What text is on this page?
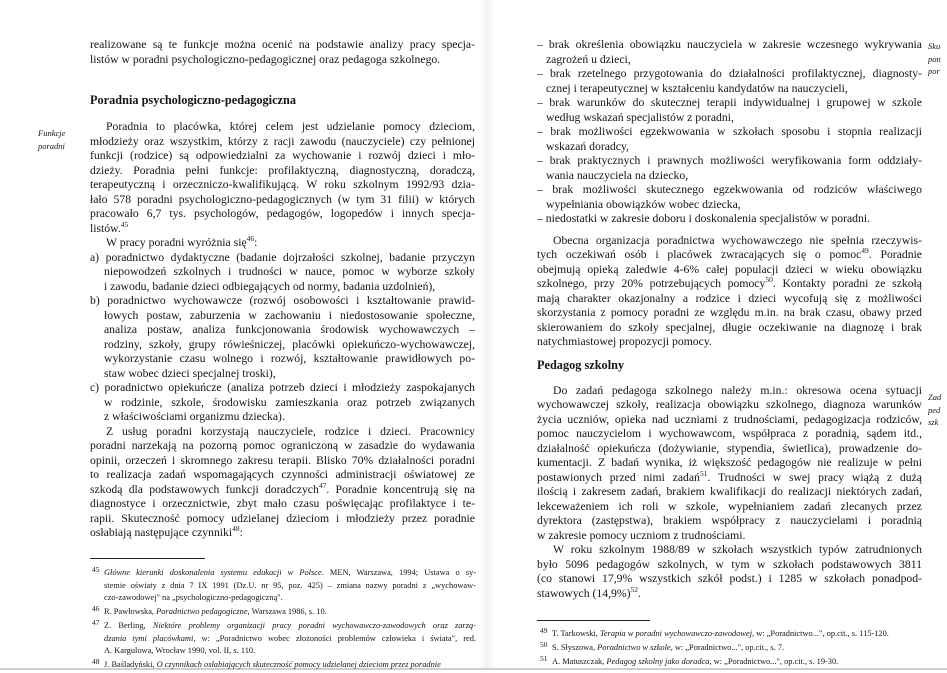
Funkcje
poradni
Sku
pon
por
Zad
ped
szk
realizowane są te funkcje można ocenić na podstawie analizy pracy specja-
listów w poradni psychologiczno-pedagogicznej oraz pedagoga szkolnego.
Poradnia psychologiczno-pedagogiczna
Poradnia to placówka, której celem jest udzielanie pomocy dzieciom,
młodzieży oraz wszystkim, którzy z racji zawodu (nauczyciele) czy pełnionej
funkcji (rodzice) są odpowiedzialni za wychowanie i rozwój dzieci i mło-
dzieży. Poradnia pełni funkcje: profilaktyczną, diagnostyczną, doradczą,
terapeutyczną i orzeczniczo-kwalifikującą. W roku szkolnym 1992/93 dzia-
łało 578 poradni psychologiczno-pedagogicznych (w tym 31 filii) w których
pracowało 6,7 tys. psychologów, pedagogów, logopedów i innych specja-
listów.$^{45}$
W pracy poradni wyróżnia się$^{46}$:
a) poradnictwo dydaktyczne (badanie dojrzałości szkolnej, badanie przyczyn
niepowodzeń szkolnych i trudności w nauce, pomoc w wyborze szkoły
i zawodu, badanie dzieci odbiegających od normy, badania uzdolnień),
b) poradnictwo wychowawcze (rozwój osobowości i kształtowanie prawid-
łowych postaw, zaburzenia w zachowaniu i niedostosowanie społeczne,
analiza postaw, analiza funkcjonowania środowisk wychowawczych –
rodziny, szkoły, grupy rówieśniczej, placówki opiekuńczo-wychowawczej,
wykorzystanie czasu wolnego i rozwój, kształtowanie prawidłowych po-
staw wobec dzieci specjalnej troski),
c) poradnictwo opiekuńcze (analiza potrzeb dzieci i młodzieży zaspokajanych
w rodzinie, szkole, środowisku zamieszkania oraz potrzeb związanych
z właściwościami organizmu dziecka).
Z usług poradni korzystają nauczyciele, rodzice i dzieci. Pracownicy
poradni narzekają na pozorną pomoc ograniczoną w zasadzie do wydawania
opinii, orzeczeń i skromnego zakresu terapii. Blisko 70% działalności poradni
to realizacja zadań wspomagających czynności administracji oświatowej ze
szkodą dla podstawowych funkcji doradczych$^{47}$. Poradnie koncentrują się na
diagnostyce i orzecznictwie, zbyt mało czasu poświęcając profilaktyce i te-
rapii. Skuteczność pomocy udzielanej dzieciom i młodzieży przez poradnie
osłabiają następujące czynniki$^{48}$:
45 Główne kierunki doskonalenia systemu edukacji w Polsce. MEN, Warszawa, 1994; Ustawa o sy-
stemie oświaty z dnia 7 IX 1991 (Dz.U. nr 95, poz. 425) – zmiana nazwy poradni z „wychowaw-
czo-zawodowej" na „psychologiczno-pedagogiczną".
46 R. Pawłowska, Poradnictwo pedagogiczne, Warszawa 1986, s. 10.
47 Z. Berling, Niektóre problemy organizacji pracy poradni wychowawczo-zawodowych oraz zarzą-
dzania tymi placówkami, w: „Poradnictwo wobec złożoności problemów człowieka i świata", red.
A. Kargulowa, Wrocław 1990, vol. II, s. 110.
48 J. Baśladyński, O czynnikach osłabiających skuteczność pomocy udzielanej dzieciom przez poradnie
– brak określenia obowiązku nauczyciela w zakresie wczesnego wykrywania
zagrożeń u dzieci,
– brak rzetelnego przygotowania do działalności profilaktycznej, diagnosty-
cznej i terapeutycznej w kształceniu kandydatów na nauczycieli,
– brak warunków do skutecznej terapii indywidualnej i grupowej w szkole
według wskazań specjalistów z poradni,
– brak możliwości egzekwowania w szkołach sposobu i stopnia realizacji
wskazań doradcy,
– brak praktycznych i prawnych możliwości weryfikowania form oddziały-
wania nauczyciela na dziecko,
– brak możliwości skutecznego egzekwowania od rodziców właściwego
wypełniania obowiązków wobec dziecka,
– niedostatki w zakresie doboru i doskonalenia specjalistów w poradni.
Obecna organizacja poradnictwa wychowawczego nie spełnia rzeczywis-
tych oczekiwań osób i placówek zwracających się o pomoc$^{49}$. Poradnie
obejmują opieką zaledwie 4-6% całej populacji dzieci w wieku obowiązku
szkolnego, przy 20% potrzebujących pomocy$^{50}$. Kontakty poradni ze szkołą
mają charakter okazjonalny a rodzice i dzieci wycofują się z możliwości
skorzystania z pomocy poradni ze względu m.in. na brak czasu, obawy przed
skierowaniem do szkoły specjalnej, długie oczekiwanie na diagnozę i brak
natychmiastowej propozycji pomocy.
Pedagog szkolny
Do zadań pedagoga szkolnego należy m.in.: okresowa ocena sytuacji
wychowawczej szkoły, realizacja obowiązku szkolnego, diagnoza warunków
życia uczniów, opieka nad uczniami z trudnościami, pedagogizacja rodziców,
pomoc nauczycielom i wychowawcom, współpraca z poradnią, sądem itd.,
działalność opiekuńcza (dożywianie, stypendia, świetlica), prowadzenie do-
kumentacji. Z badań wynika, iż większość pedagogów nie realizuje w pełni
postawionych przed nimi zadań$^{51}$. Trudności w swej pracy wiążą z dużą
ilością i zakresem zadań, brakiem kwalifikacji do realizacji niektórych zadań,
lekceważeniem ich roli w szkole, wypełnianiem zadań zlecanych przez
dyrektora (zastępstwa), brakiem współpracy z nauczycielami i poradnią
w zakresie pomocy uczniom z trudnościami.
W roku szkolnym 1988/89 w szkołach wszystkich typów zatrudnionych
było 5096 pedagogów szkolnych, w tym w szkołach podstawowych 3811
(co stanowi 17,9% wszystkich szkół podst.) i 1285 w szkołach ponadpod-
stawowych $(14,9\%)^{52}$.
49 T. Tarkowski, Terapia w poradni wychowawczo-zawodowej, w: „Poradnictwo...", op.cit., s. 115-120.
50 S. Słyszowa, Poradnictwo w szkole, w: „Poradnictwo...", op.cit., s. 7.
51 A. Matuszczak, Pedagog szkolny jako doradca, w: „Poradnictwo...", op.cit., s. 19-30.
